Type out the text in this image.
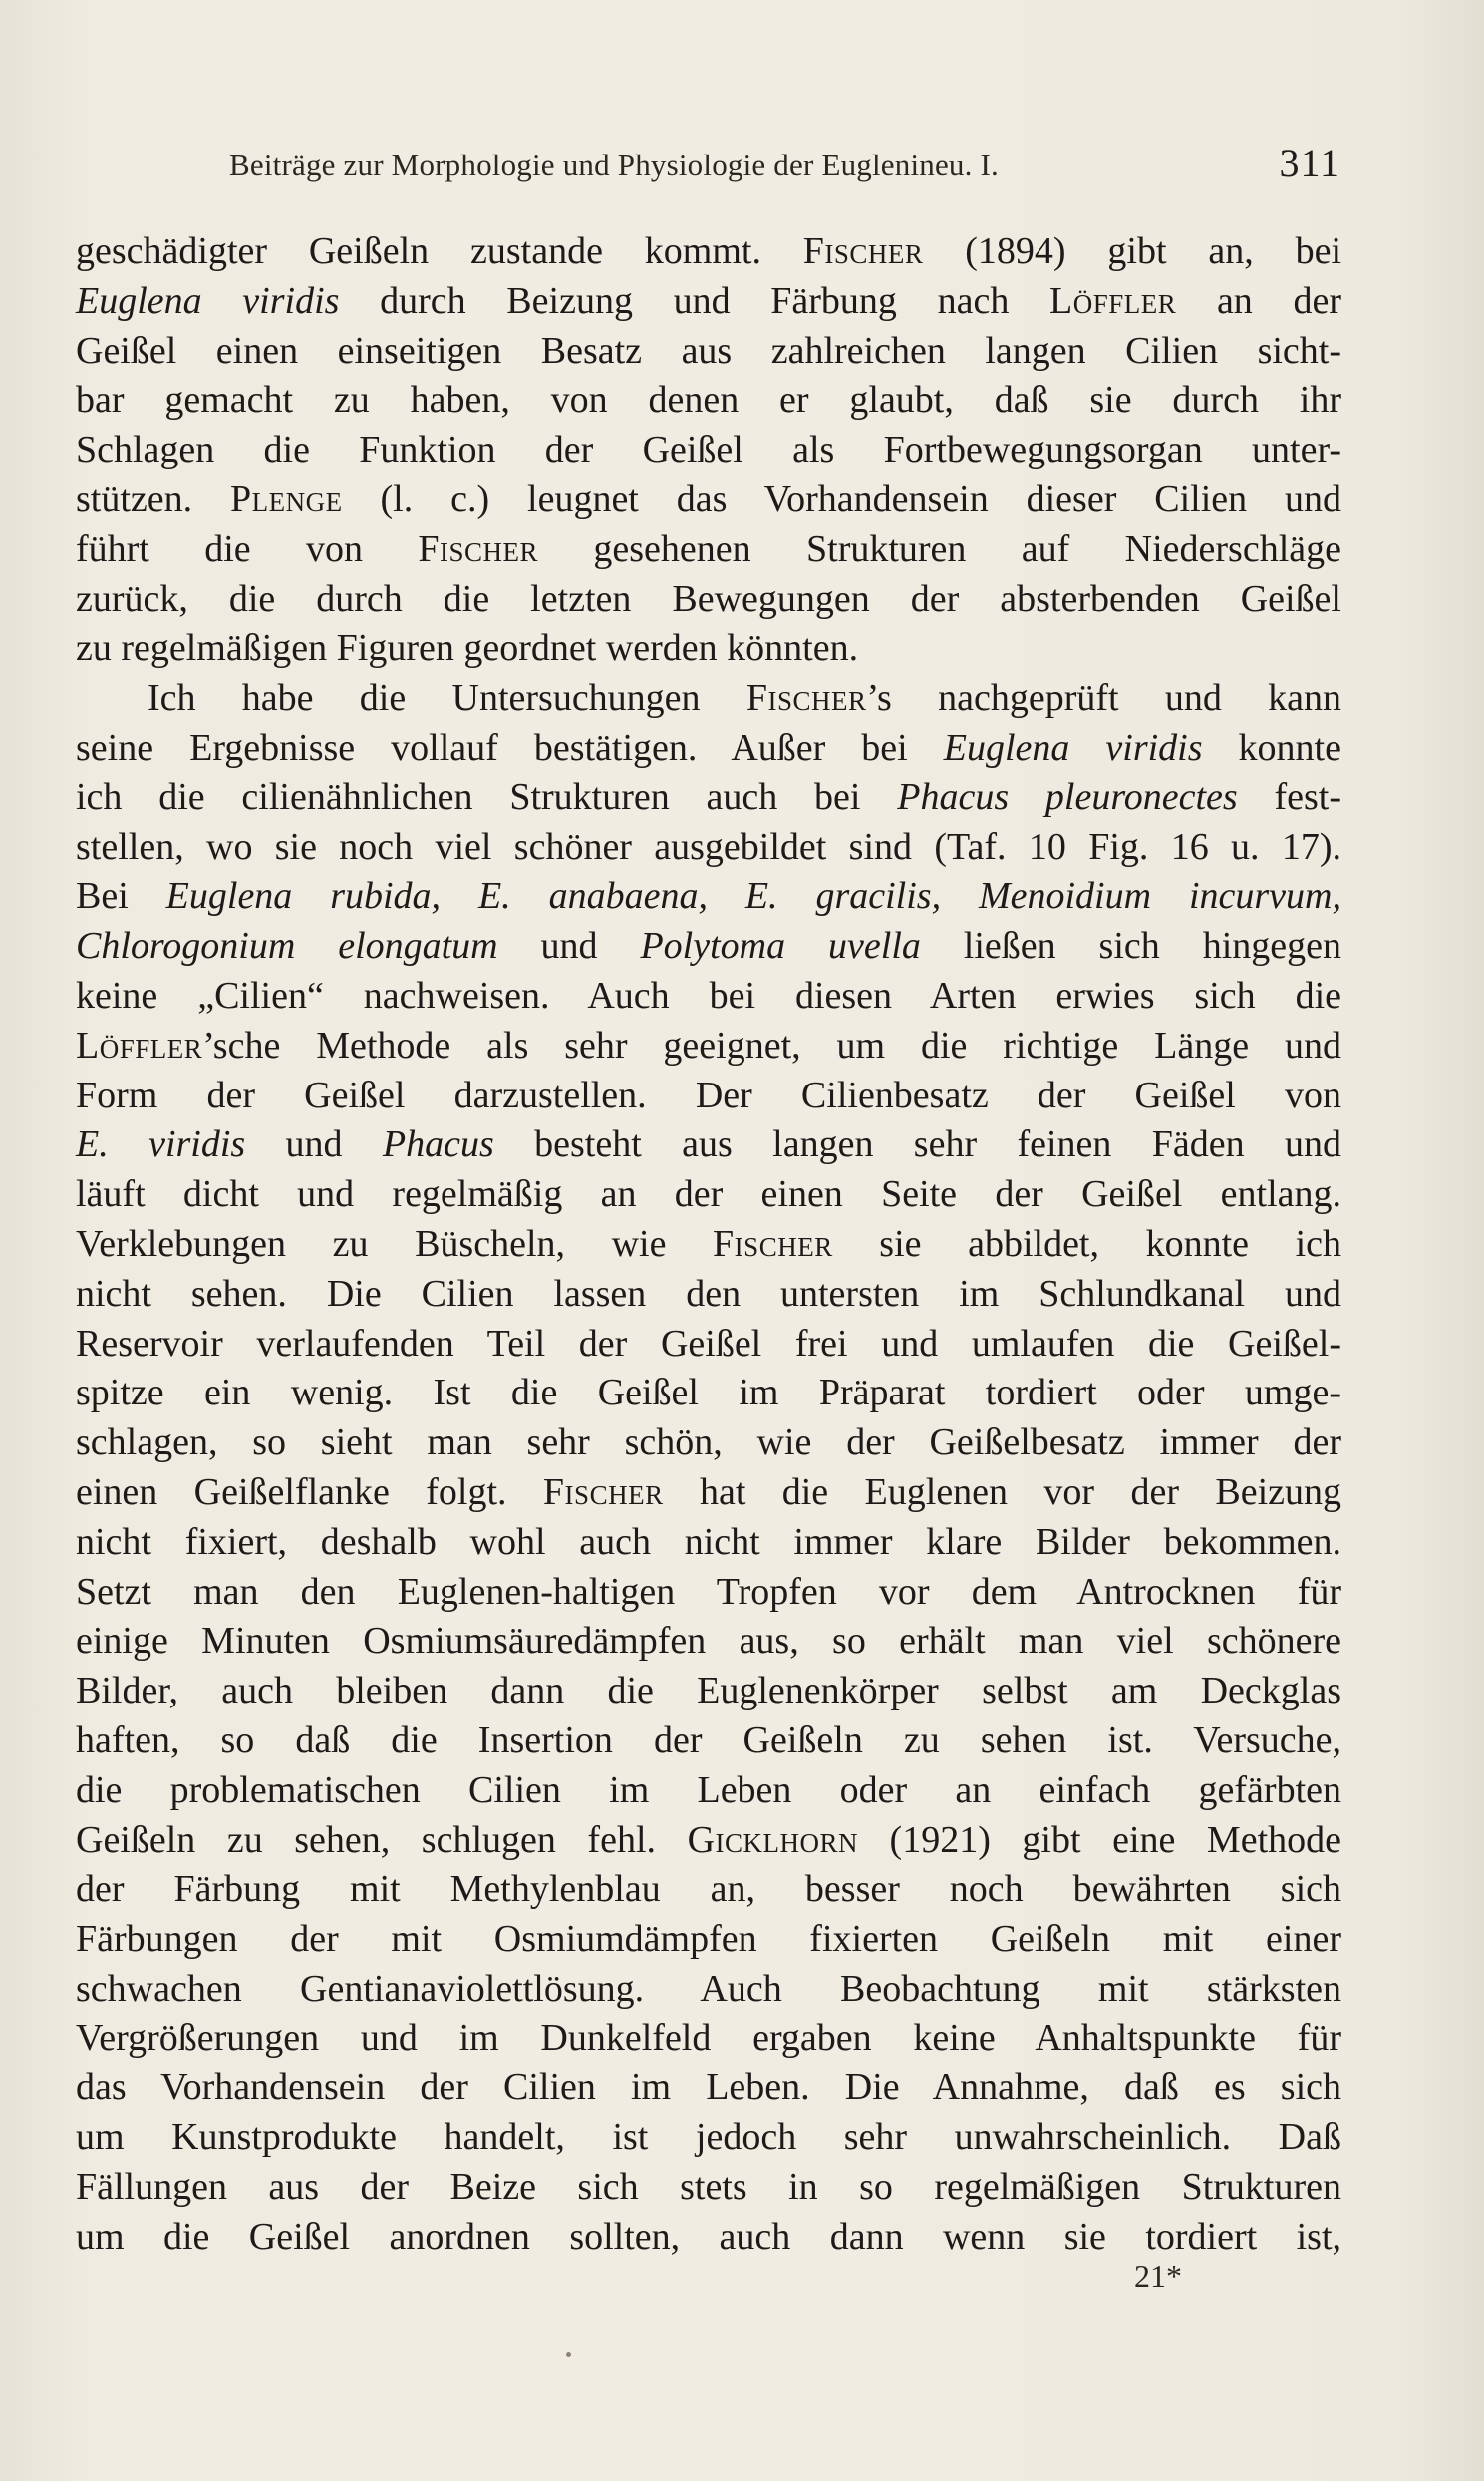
Beiträge zur Morphologie und Physiologie der Euglenineu. I.	311
geschädigter Geißeln zustande kommt. Fischer (1894) gibt an, bei
Euglena viridis durch Beizung und Färbung nach Löffler an der
Geißel einen einseitigen Besatz aus zahlreichen langen Cilien sicht-
bar gemacht zu haben, von denen er glaubt, daß sie durch ihr
Schlagen die Funktion der Geißel als Fortbewegungsorgan unter-
stützen. Plenge (l. c.) leugnet das Vorhandensein dieser Cilien und
führt die von Fischer gesehenen Strukturen auf Niederschläge
zurück, die durch die letzten Bewegungen der absterbenden Geißel
zu regelmäßigen Figuren geordnet werden könnten.
Ich habe die Untersuchungen Fischer’s nachgeprüft und kann
seine Ergebnisse vollauf bestätigen. Außer bei Euglena viridis konnte
ich die cilienähnlichen Strukturen auch bei Phacus pleuronectes fest-
stellen, wo sie noch viel schöner ausgebildet sind (Taf. 10 Fig. 16 u. 17).
Bei Euglena rubida, E. anabaena, E. gracilis, Menoidium incurvum,
Chlorogonium elongatum und Polytoma uvella ließen sich hingegen
keine „Cilien“ nachweisen. Auch bei diesen Arten erwies sich die
Löffler’sche Methode als sehr geeignet, um die richtige Länge und
Form der Geißel darzustellen. Der Cilienbesatz der Geißel von
E. viridis und Phacus besteht aus langen sehr feinen Fäden und
läuft dicht und regelmäßig an der einen Seite der Geißel entlang.
Verklebungen zu Büscheln, wie Fischer sie abbildet, konnte ich
nicht sehen. Die Cilien lassen den untersten im Schlundkanal und
Reservoir verlaufenden Teil der Geißel frei und umlaufen die Geißel-
spitze ein wenig. Ist die Geißel im Präparat tordiert oder umge-
schlagen, so sieht man sehr schön, wie der Geißelbesatz immer der
einen Geißelflanke folgt. Fischer hat die Euglenen vor der Beizung
nicht fixiert, deshalb wohl auch nicht immer klare Bilder bekommen.
Setzt man den Euglenen-haltigen Tropfen vor dem Antrocknen für
einige Minuten Osmiumsäuredämpfen aus, so erhält man viel schönere
Bilder, auch bleiben dann die Euglenenkörper selbst am Deckglas
haften, so daß die Insertion der Geißeln zu sehen ist. Versuche,
die problematischen Cilien im Leben oder an einfach gefärbten
Geißeln zu sehen, schlugen fehl. Gicklhorn (1921) gibt eine Methode
der Färbung mit Methylenblau an, besser noch bewährten sich
Färbungen der mit Osmiumdämpfen fixierten Geißeln mit einer
schwachen Gentianaviolettlösung. Auch Beobachtung mit stärksten
Vergrößerungen und im Dunkelfeld ergaben keine Anhaltspunkte für
das Vorhandensein der Cilien im Leben. Die Annahme, daß es sich
um Kunstprodukte handelt, ist jedoch sehr unwahrscheinlich. Daß
Fällungen aus der Beize sich stets in so regelmäßigen Strukturen
um die Geißel anordnen sollten, auch dann wenn sie tordiert ist,
21*
